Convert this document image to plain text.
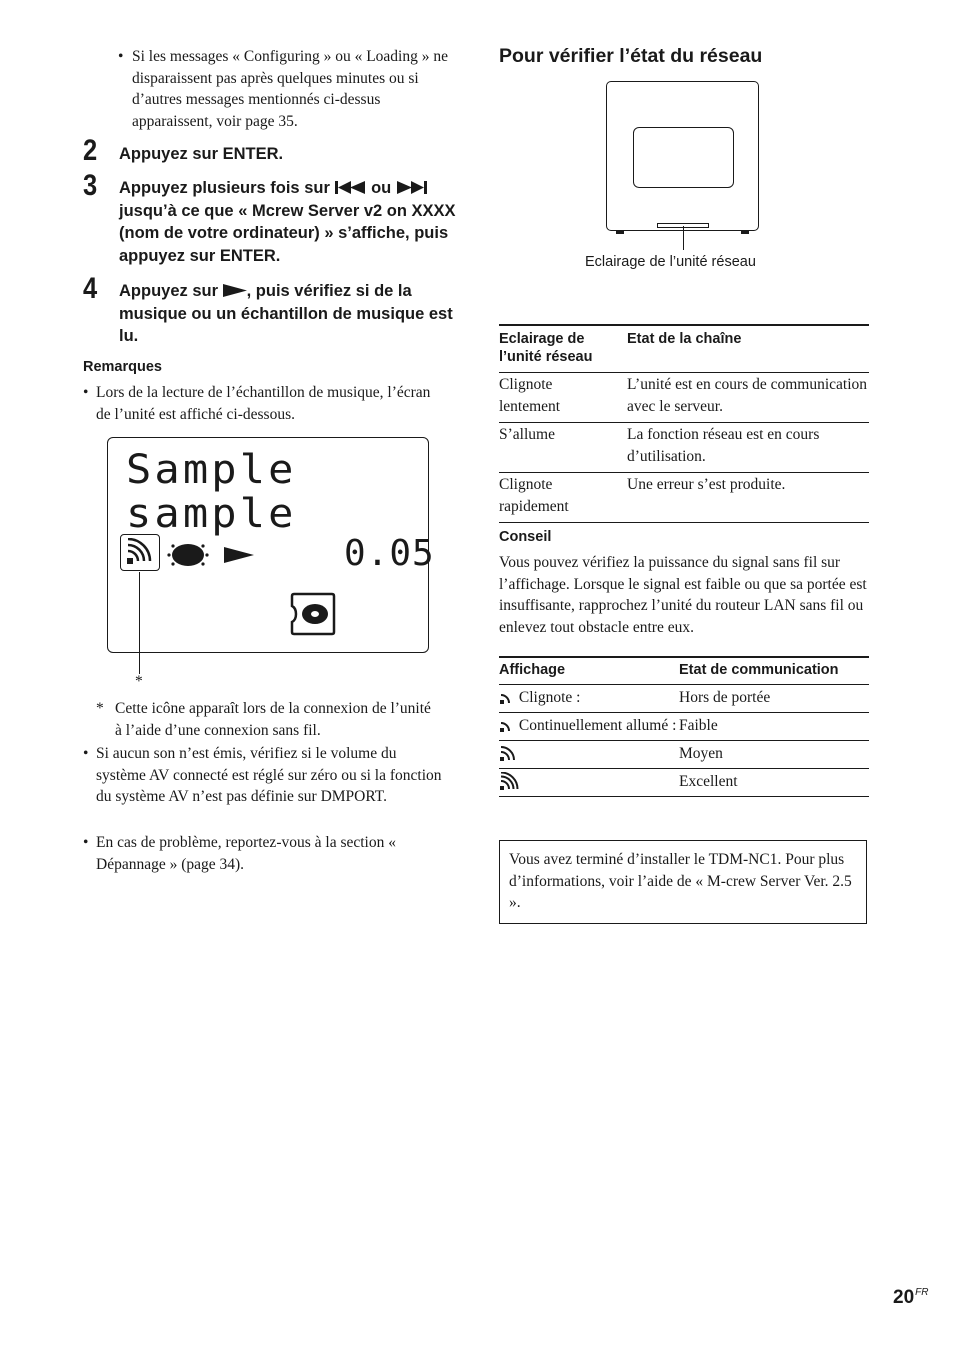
• Si les messages « Configuring » ou « Loading » ne disparaissent pas après quelques minutes ou si d’autres messages mentionnés ci-dessus apparaissent, voir page 35.
2 Appuyez sur ENTER.
3 Appuyez plusieurs fois sur ou  jusqu’à ce que « Mcrew Server v2 on XXXX (nom de votre ordinateur) » s’affiche, puis appuyez sur ENTER.
4 Appuyez sur , puis vérifiez si de la musique ou un échantillon de musique est lu.
Remarques
• Lors de la lecture de l’échantillon de musique, l’écran de l’unité est affiché ci-dessous.
Sample
sample
0.05
*
* Cette icône apparaît lors de la connexion de l’unité à l’aide d’une connexion sans fil.
• Si aucun son n’est émis, vérifiez si le volume du système AV connecté est réglé sur zéro ou si la fonction du système AV n’est pas définie sur DMPORT.
• En cas de problème, reportez-vous à la section « Dépannage » (page 34).
Pour vérifier l’état du réseau
Eclairage de l’unité réseau
Eclairage de l’unité réseau	Etat de la chaîne
Clignote lentement	L’unité est en cours de communication avec le serveur.
S’allume	La fonction réseau est en cours d’utilisation.
Clignote rapidement	Une erreur s’est produite.
Conseil
Vous pouvez vérifiez la puissance du signal sans fil sur l’affichage. Lorsque le signal est faible ou que sa portée est insuffisante, rapprochez l’unité du routeur LAN sans fil ou enlevez tout obstacle entre eux.
Affichage	Etat de communication
Clignote :	Hors de portée
Continuellement allumé :	Faible
	Moyen
	Excellent
Vous avez terminé d’installer le TDM-NC1. Pour plus d’informations, voir l’aide de « M-crew Server Ver. 2.5 ».
$20^{FR}$
